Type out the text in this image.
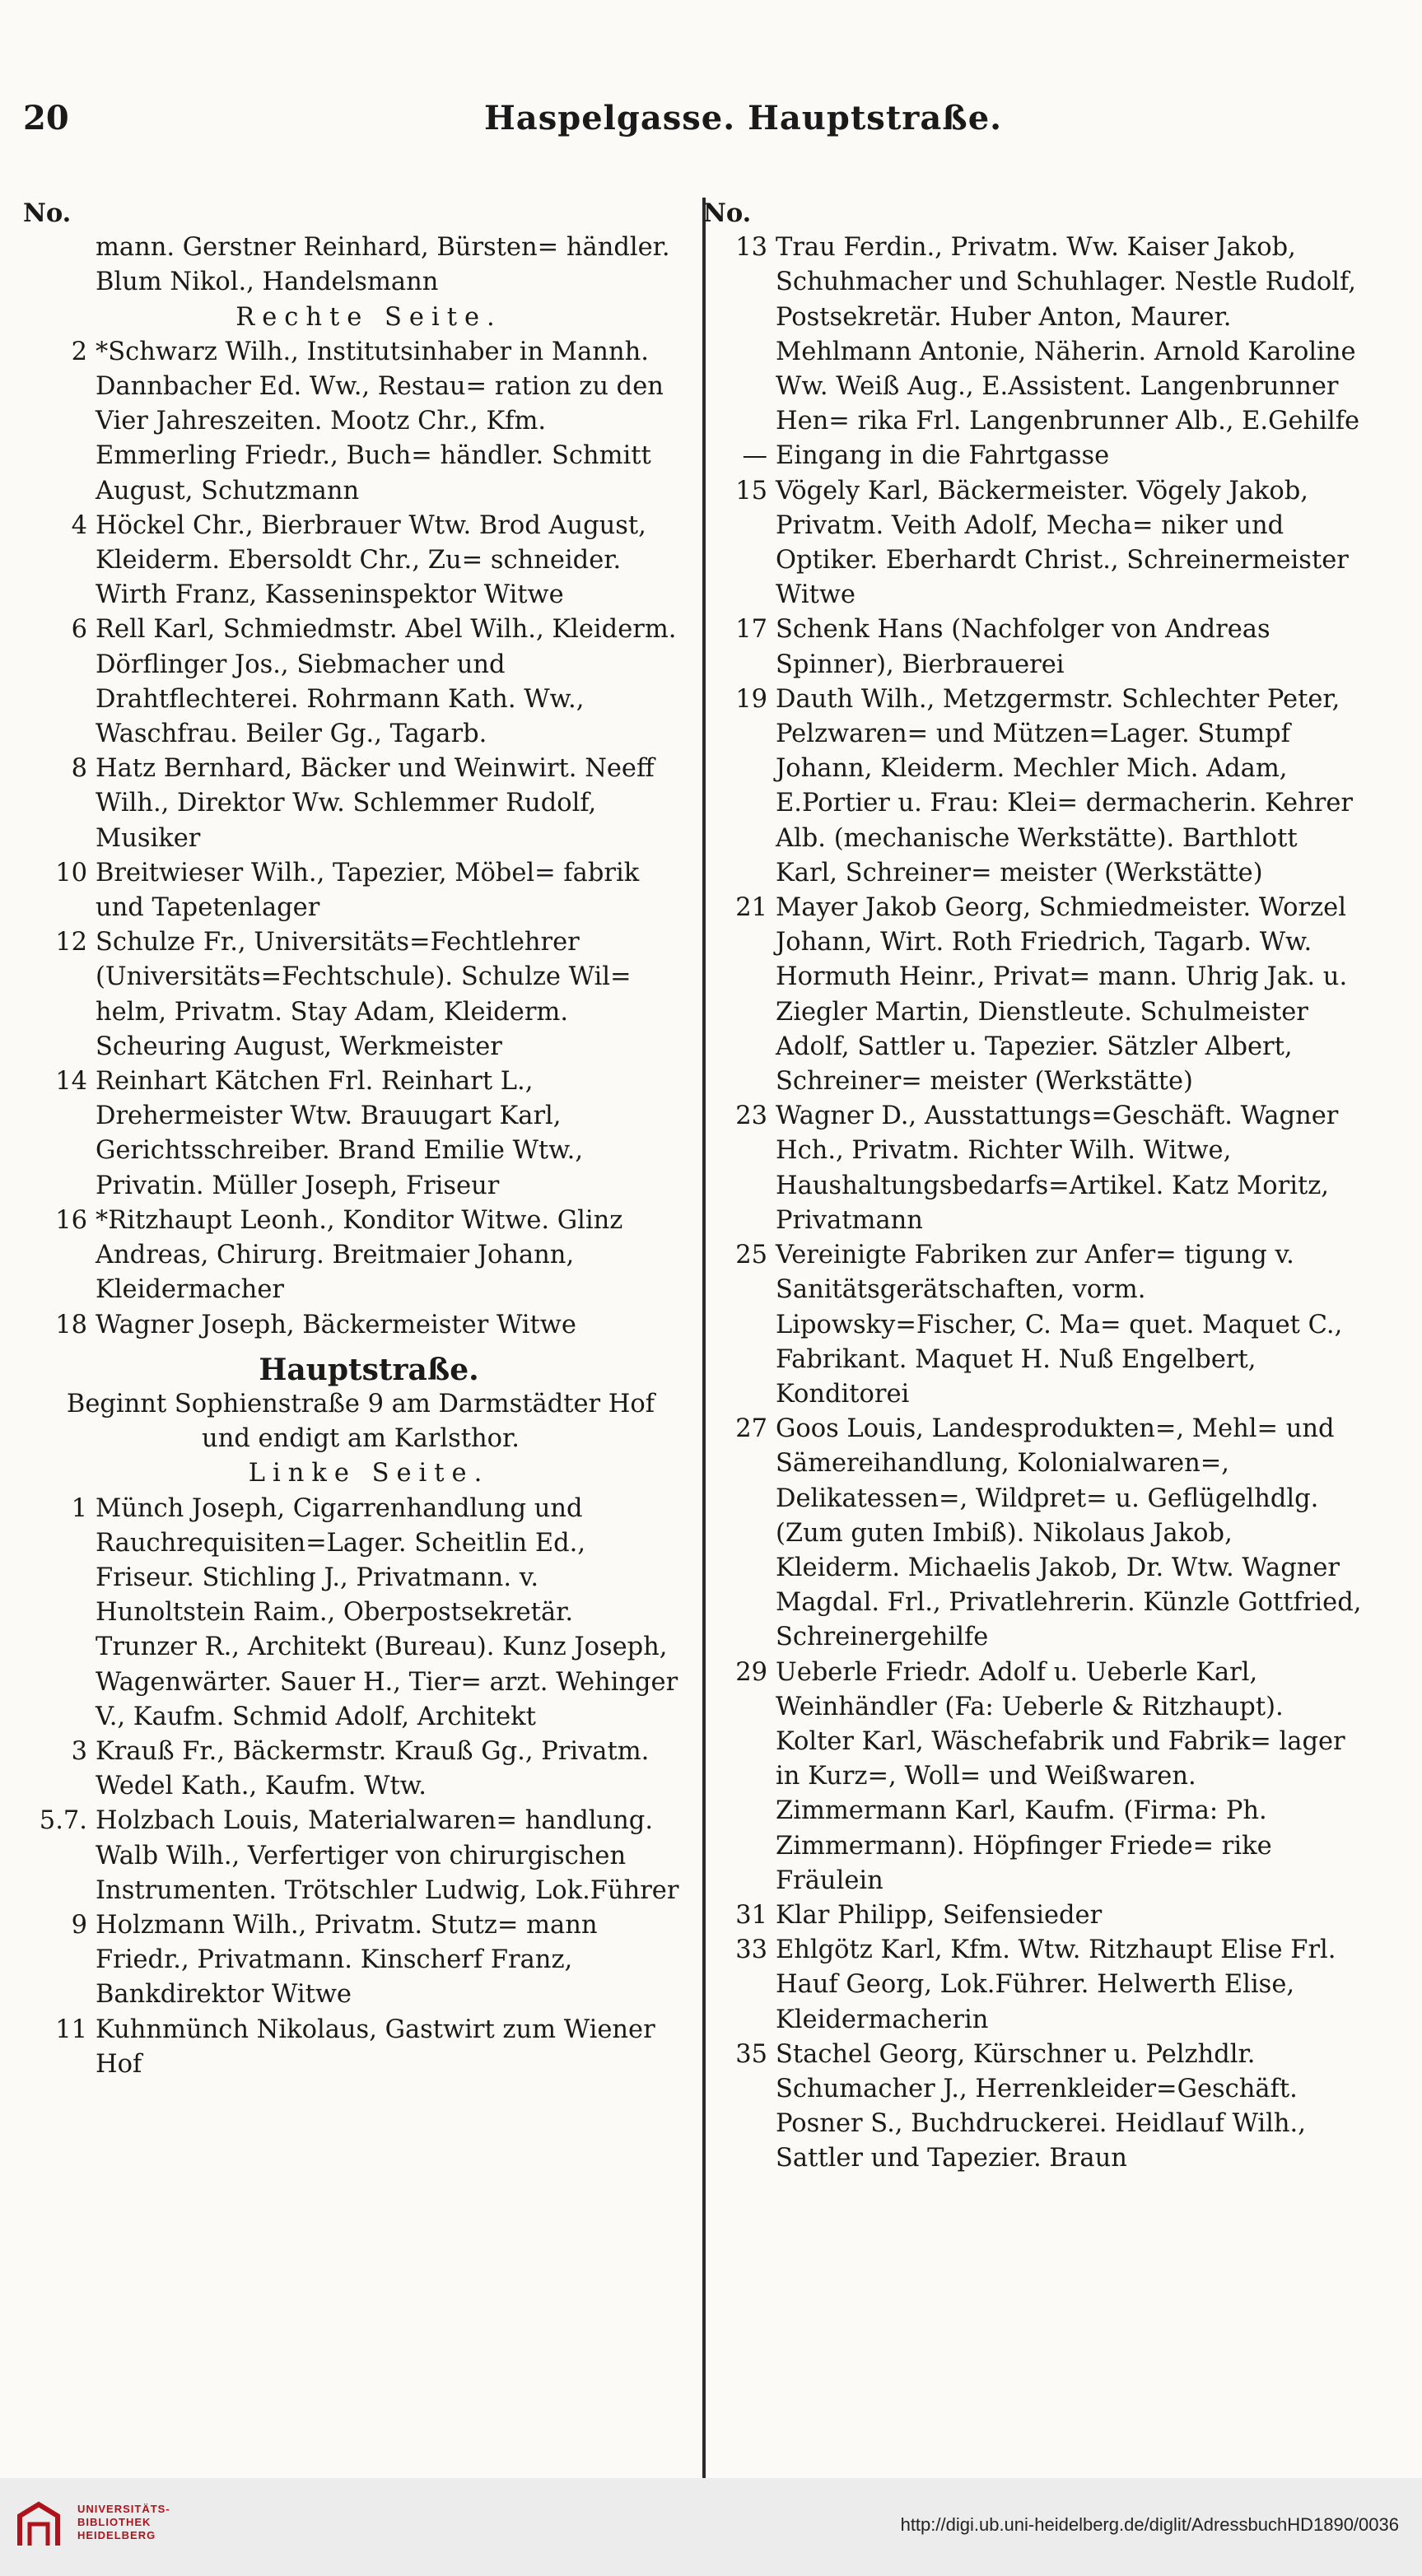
20	Haspelgasse. Hauptstraße.
No.
mann. Gerstner Reinhard, Bürsten= händler. Blum Nikol., Handelsmann
Rechte Seite.
2 *Schwarz Wilh., Institutsinhaber in Mannh. Dannbacher Ed. Ww., Restau= ration zu den Vier Jahreszeiten. Mootz Chr., Kfm. Emmerling Friedr., Buch= händler. Schmitt August, Schutzmann
4 Höckel Chr., Bierbrauer Wtw. Brod August, Kleiderm. Ebersoldt Chr., Zu= schneider. Wirth Franz, Kasseninspektor Witwe
6 Rell Karl, Schmiedmstr. Abel Wilh., Kleiderm. Dörflinger Jos., Siebmacher und Drahtflechterei. Rohrmann Kath. Ww., Waschfrau. Beiler Gg., Tagarb.
8 Hatz Bernhard, Bäcker und Weinwirt. Neeff Wilh., Direktor Ww. Schlemmer Rudolf, Musiker
10 Breitwieser Wilh., Tapezier, Möbel= fabrik und Tapetenlager
12 Schulze Fr., Universitäts=Fechtlehrer (Universitäts=Fechtschule). Schulze Wil= helm, Privatm. Stay Adam, Kleiderm. Scheuring August, Werkmeister
14 Reinhart Kätchen Frl. Reinhart L., Drehermeister Wtw. Brauugart Karl, Gerichtsschreiber. Brand Emilie Wtw., Privatin. Müller Joseph, Friseur
16 *Ritzhaupt Leonh., Konditor Witwe. Glinz Andreas, Chirurg. Breitmaier Johann, Kleidermacher
18 Wagner Joseph, Bäckermeister Witwe
Hauptstraße.
Beginnt Sophienstraße 9 am Darmstädter Hof und endigt am Karlsthor.
Linke Seite.
1 Münch Joseph, Cigarrenhandlung und Rauchrequisiten=Lager. Scheitlin Ed., Friseur. Stichling J., Privatmann. v. Hunoltstein Raim., Oberpostsekretär. Trunzer R., Architekt (Bureau). Kunz Joseph, Wagenwärter. Sauer H., Tier= arzt. Wehinger V., Kaufm. Schmid Adolf, Architekt
3 Krauß Fr., Bäckermstr. Krauß Gg., Privatm. Wedel Kath., Kaufm. Wtw.
5.7. Holzbach Louis, Materialwaren= handlung. Walb Wilh., Verfertiger von chirurgischen Instrumenten. Trötschler Ludwig, Lok.Führer
9 Holzmann Wilh., Privatm. Stutz= mann Friedr., Privatmann. Kinscherf Franz, Bankdirektor Witwe
11 Kuhnmünch Nikolaus, Gastwirt zum Wiener Hof
No.
13 Trau Ferdin., Privatm. Ww. Kaiser Jakob, Schuhmacher und Schuhlager. Nestle Rudolf, Postsekretär. Huber Anton, Maurer. Mehlmann Antonie, Näherin. Arnold Karoline Ww. Weiß Aug., E.Assistent. Langenbrunner Hen= rika Frl. Langenbrunner Alb., E.Gehilfe
— Eingang in die Fahrtgasse
15 Vögely Karl, Bäckermeister. Vögely Jakob, Privatm. Veith Adolf, Mecha= niker und Optiker. Eberhardt Christ., Schreinermeister Witwe
17 Schenk Hans (Nachfolger von Andreas Spinner), Bierbrauerei
19 Dauth Wilh., Metzgermstr. Schlechter Peter, Pelzwaren= und Mützen=Lager. Stumpf Johann, Kleiderm. Mechler Mich. Adam, E.Portier u. Frau: Klei= dermacherin. Kehrer Alb. (mechanische Werkstätte). Barthlott Karl, Schreiner= meister (Werkstätte)
21 Mayer Jakob Georg, Schmiedmeister. Worzel Johann, Wirt. Roth Friedrich, Tagarb. Ww. Hormuth Heinr., Privat= mann. Uhrig Jak. u. Ziegler Martin, Dienstleute. Schulmeister Adolf, Sattler u. Tapezier. Sätzler Albert, Schreiner= meister (Werkstätte)
23 Wagner D., Ausstattungs=Geschäft. Wagner Hch., Privatm. Richter Wilh. Witwe, Haushaltungsbedarfs=Artikel. Katz Moritz, Privatmann
25 Vereinigte Fabriken zur Anfer= tigung v. Sanitätsgerätschaften, vorm. Lipowsky=Fischer, C. Ma= quet. Maquet C., Fabrikant. Maquet H. Nuß Engelbert, Konditorei
27 Goos Louis, Landesprodukten=, Mehl= und Sämereihandlung, Kolonialwaren=, Delikatessen=, Wildpret= u. Geflügelhdlg. (Zum guten Imbiß). Nikolaus Jakob, Kleiderm. Michaelis Jakob, Dr. Wtw. Wagner Magdal. Frl., Privatlehrerin. Künzle Gottfried, Schreinergehilfe
29 Ueberle Friedr. Adolf u. Ueberle Karl, Weinhändler (Fa: Ueberle & Ritzhaupt). Kolter Karl, Wäschefabrik und Fabrik= lager in Kurz=, Woll= und Weißwaren. Zimmermann Karl, Kaufm. (Firma: Ph. Zimmermann). Höpfinger Friede= rike Fräulein
31 Klar Philipp, Seifensieder
33 Ehlgötz Karl, Kfm. Wtw. Ritzhaupt Elise Frl. Hauf Georg, Lok.Führer. Helwerth Elise, Kleidermacherin
35 Stachel Georg, Kürschner u. Pelzhdlr. Schumacher J., Herrenkleider=Geschäft. Posner S., Buchdruckerei. Heidlauf Wilh., Sattler und Tapezier. Braun
UNIVERSITÄTS-
BIBLIOTHEK
HEIDELBERG
http://digi.ub.uni-heidelberg.de/diglit/AdressbuchHD1890/0036
